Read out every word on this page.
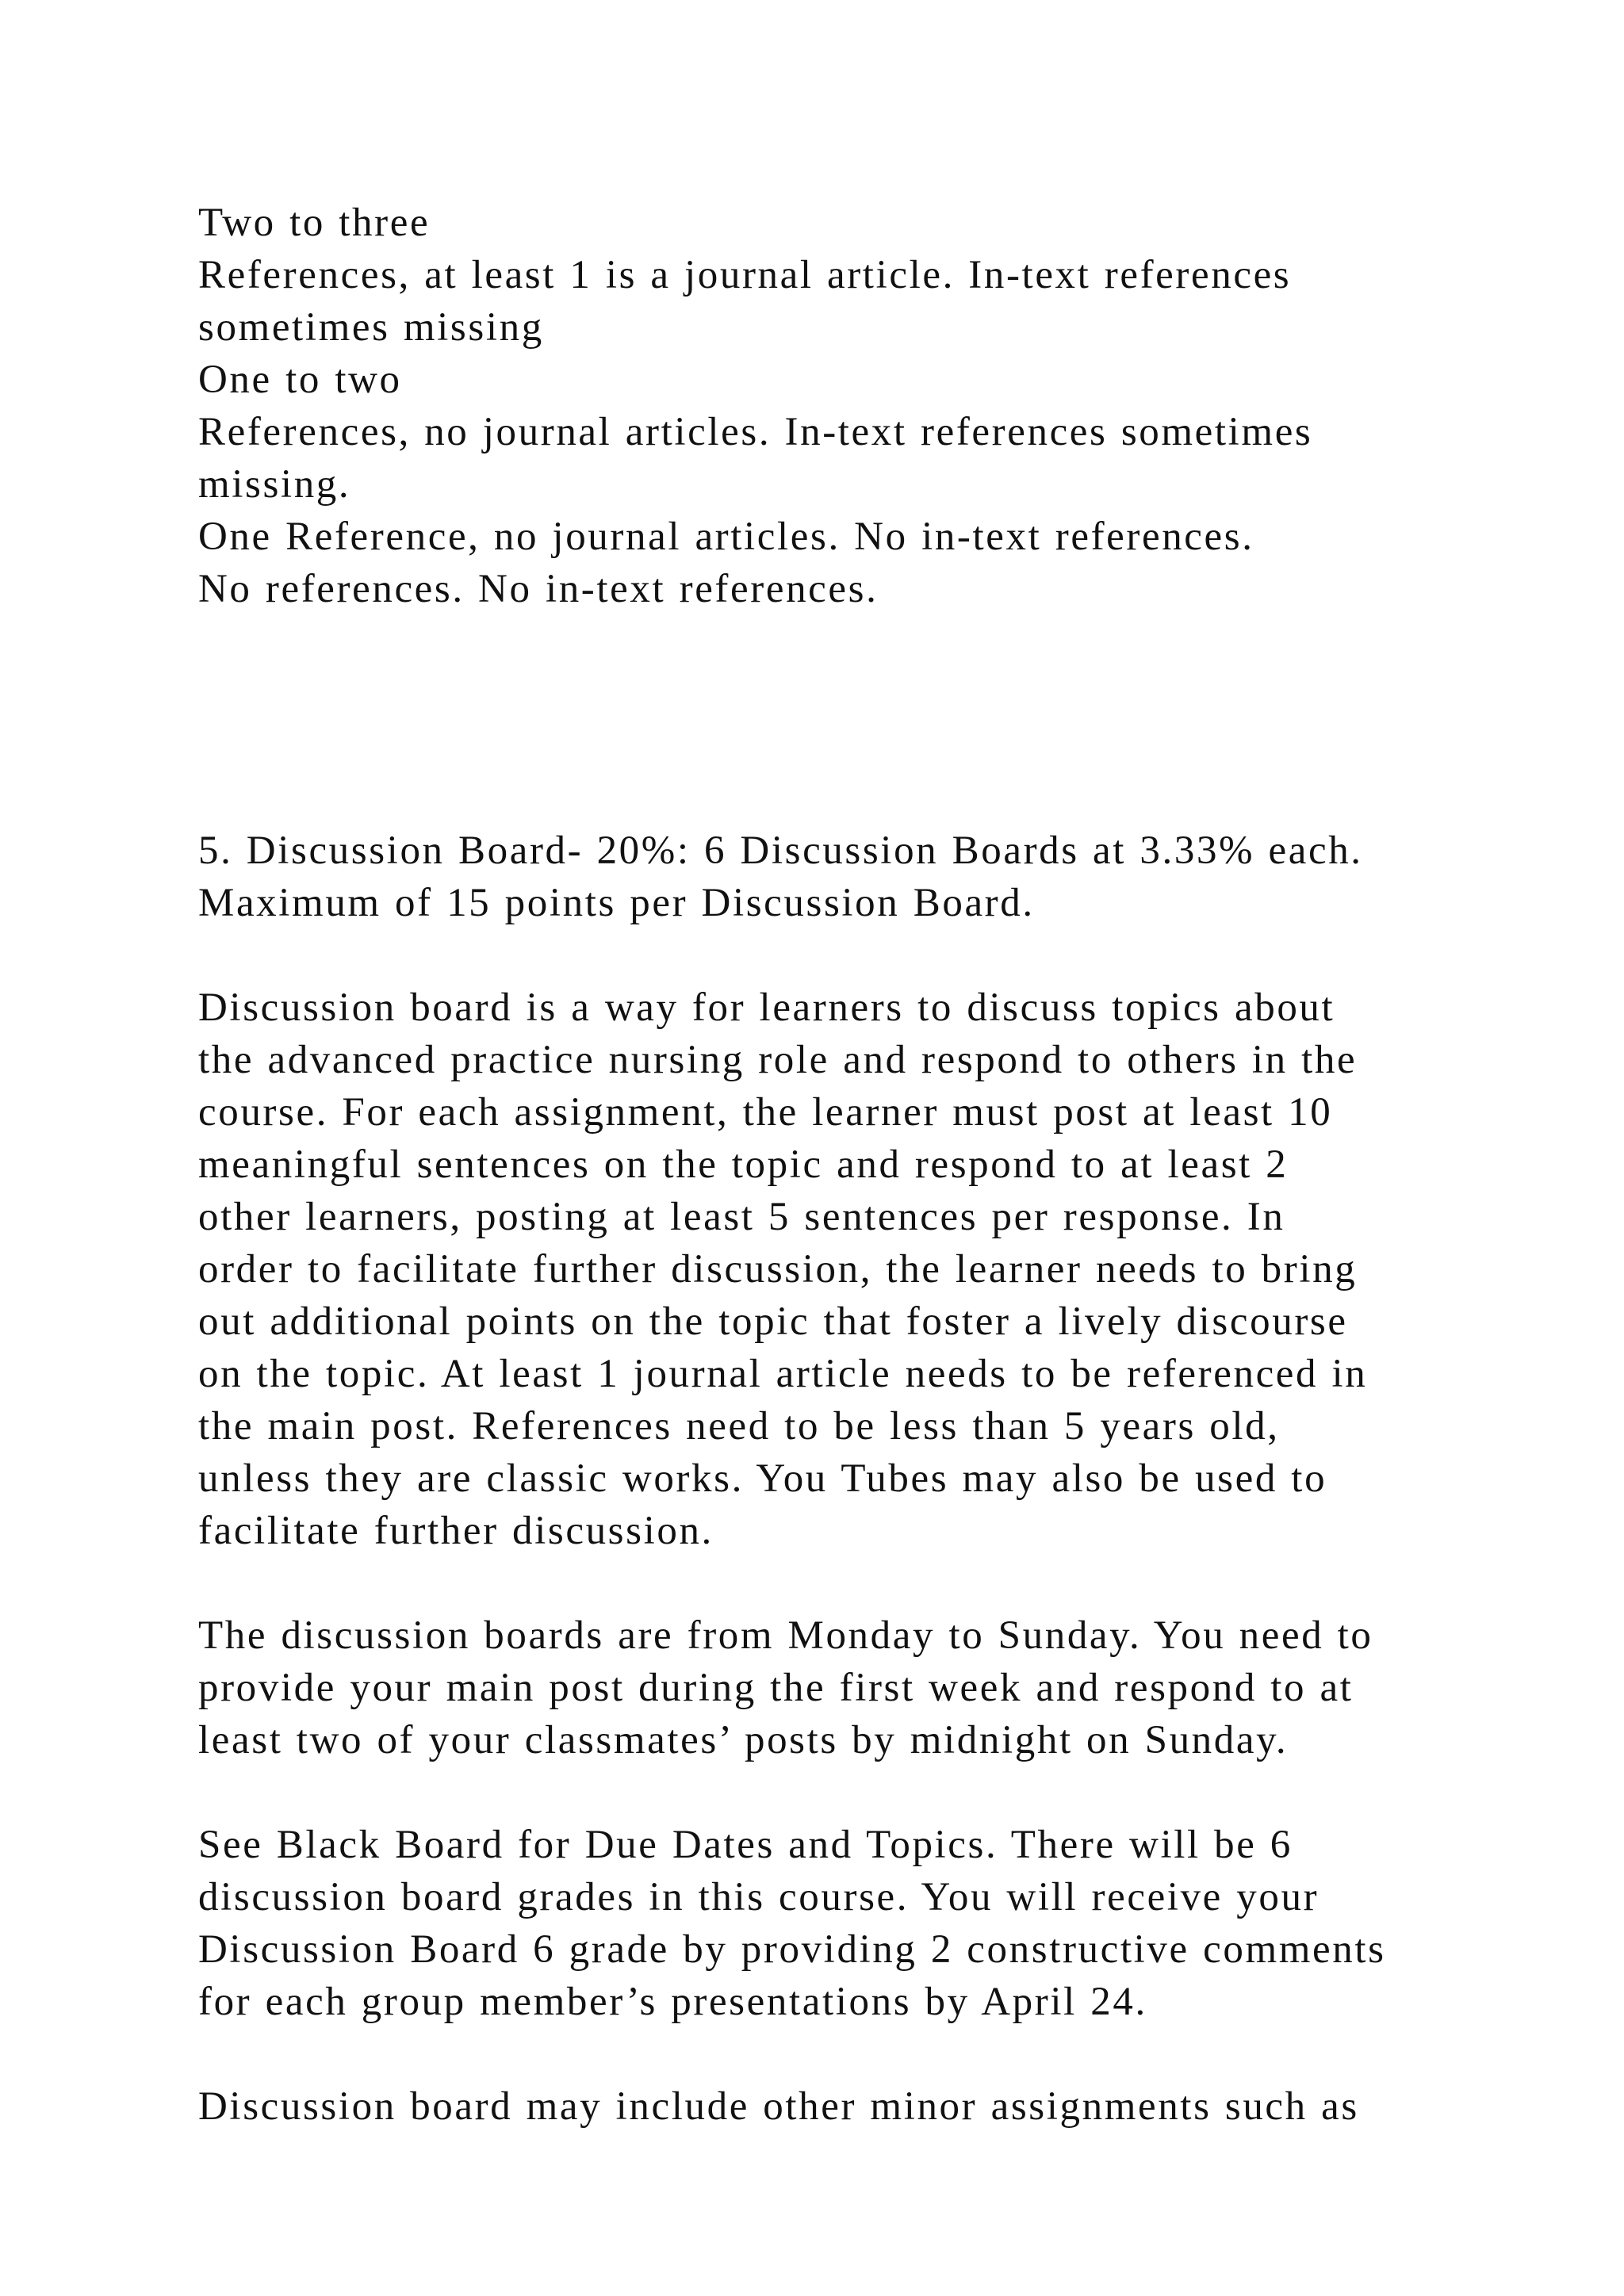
Two to three
References, at least 1 is a journal article. In-text references
sometimes missing
One to two
References, no journal articles. In-text references sometimes
missing.
One Reference, no journal articles. No in-text references.
No references. No in-text references.
5. Discussion Board- 20%: 6 Discussion Boards at 3.33% each.
Maximum of 15 points per Discussion Board.
Discussion board is a way for learners to discuss topics about
the advanced practice nursing role and respond to others in the
course. For each assignment, the learner must post at least 10
meaningful sentences on the topic and respond to at least 2
other learners, posting at least 5 sentences per response. In
order to facilitate further discussion, the learner needs to bring
out additional points on the topic that foster a lively discourse
on the topic. At least 1 journal article needs to be referenced in
the main post. References need to be less than 5 years old,
unless they are classic works. You Tubes may also be used to
facilitate further discussion.
The discussion boards are from Monday to Sunday. You need to
provide your main post during the first week and respond to at
least two of your classmates’ posts by midnight on Sunday.
See Black Board for Due Dates and Topics. There will be 6
discussion board grades in this course. You will receive your
Discussion Board 6 grade by providing 2 constructive comments
for each group member’s presentations by April 24.
Discussion board may include other minor assignments such as
